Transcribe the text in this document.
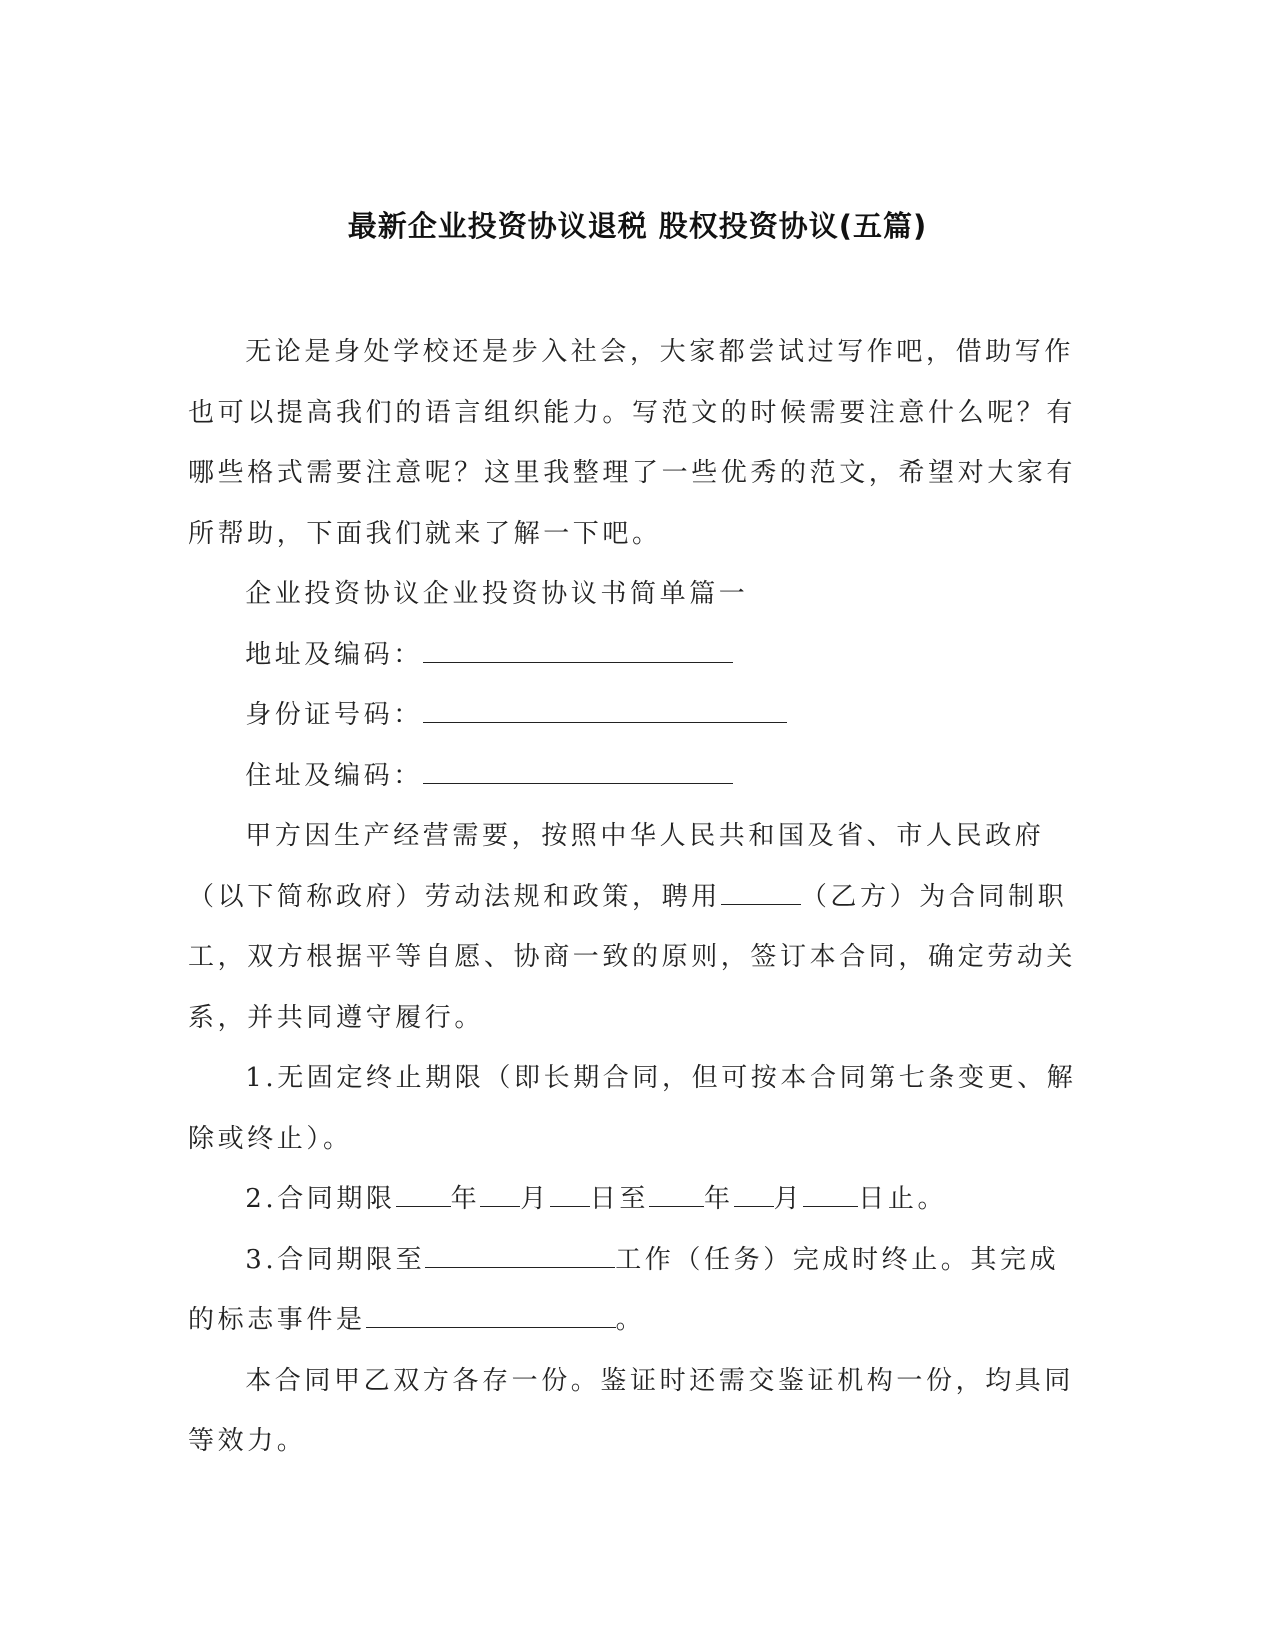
最新企业投资协议退税 股权投资协议(五篇)

无论是身处学校还是步入社会，大家都尝试过写作吧，借助写作也可以提高我们的语言组织能力。写范文的时候需要注意什么呢？有哪些格式需要注意呢？这里我整理了一些优秀的范文，希望对大家有所帮助，下面我们就来了解一下吧。

企业投资协议企业投资协议书简单篇一

地址及编码：

身份证号码：

住址及编码：

甲方因生产经营需要，按照中华人民共和国及省、市人民政府（以下简称政府）劳动法规和政策，聘用	（乙方）为合同制职工，双方根据平等自愿、协商一致的原则，签订本合同，确定劳动关系，并共同遵守履行。

1.无固定终止期限（即长期合同，但可按本合同第七条变更、解除或终止）。

2.合同期限 年 月 日至 年 月 日止。

3.合同期限至	工作（任务）完成时终止。其完成的标志事件是	。

本合同甲乙双方各存一份。鉴证时还需交鉴证机构一份，均具同等效力。
